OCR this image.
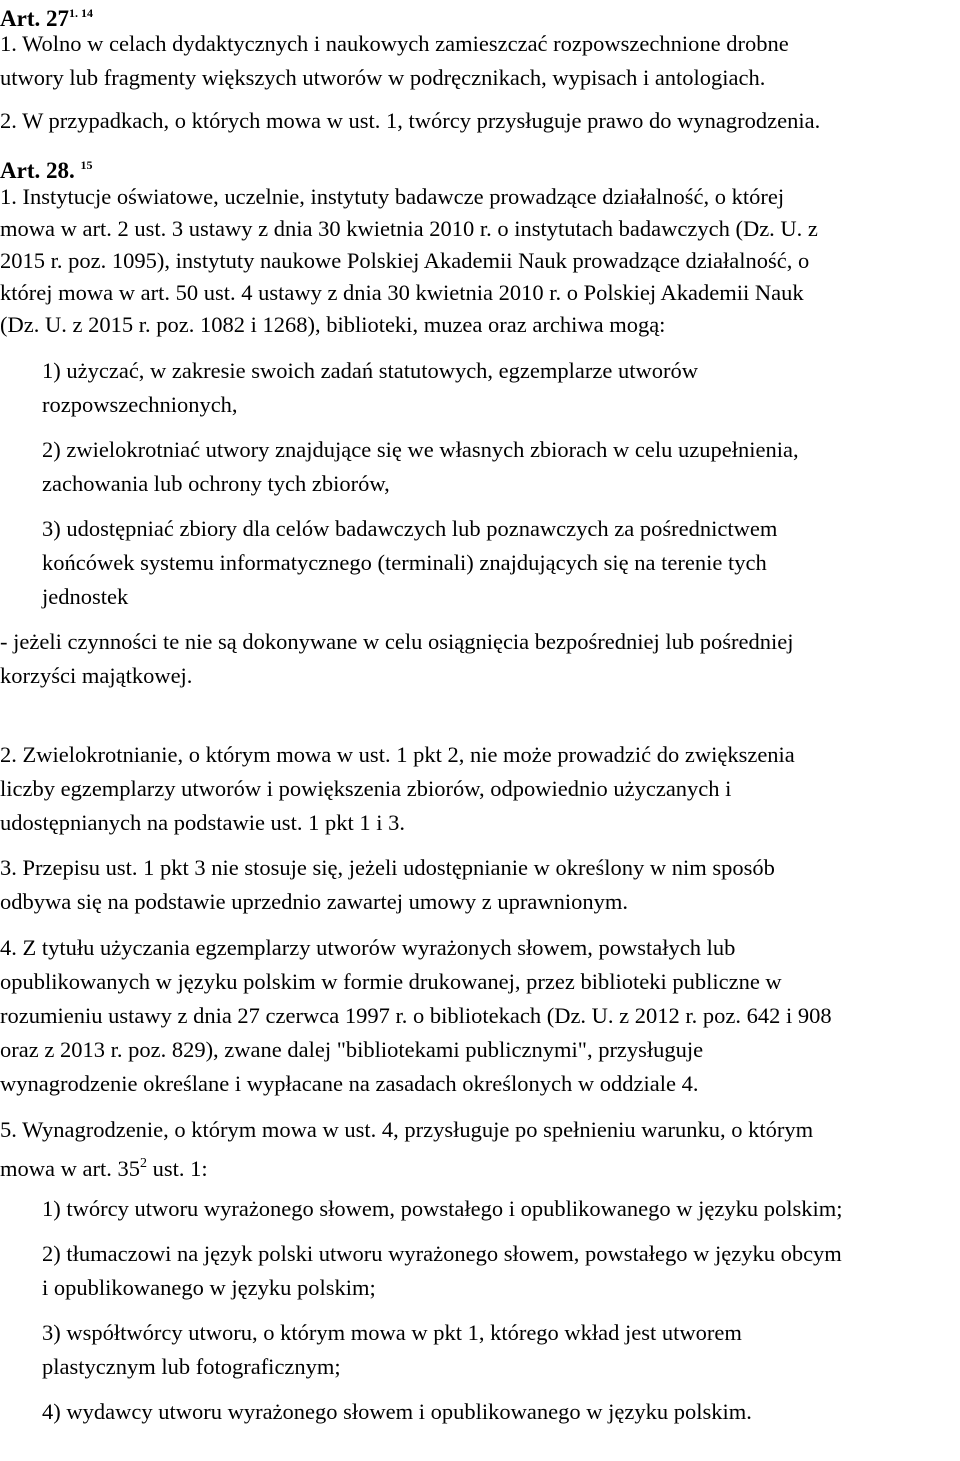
Art. $27^{1. 14}$
1. Wolno w celach dydaktycznych i naukowych zamieszczać rozpowszechnione drobne
utwory lub fragmenty większych utworów w podręcznikach, wypisach i antologiach.
2. W przypadkach, o których mowa w ust. 1, twórcy przysługuje prawo do wynagrodzenia.
Art. 28. $^{15}$
1. Instytucje oświatowe, uczelnie, instytuty badawcze prowadzące działalność, o której
mowa w art. 2 ust. 3 ustawy z dnia 30 kwietnia 2010 r. o instytutach badawczych (Dz. U. z
2015 r. poz. 1095), instytuty naukowe Polskiej Akademii Nauk prowadzące działalność, o
której mowa w art. 50 ust. 4 ustawy z dnia 30 kwietnia 2010 r. o Polskiej Akademii Nauk
(Dz. U. z 2015 r. poz. 1082 i 1268), biblioteki, muzea oraz archiwa mogą:
1) użyczać, w zakresie swoich zadań statutowych, egzemplarze utworów
rozpowszechnionych,
2) zwielokrotniać utwory znajdujące się we własnych zbiorach w celu uzupełnienia,
zachowania lub ochrony tych zbiorów,
3) udostępniać zbiory dla celów badawczych lub poznawczych za pośrednictwem
końcówek systemu informatycznego (terminali) znajdujących się na terenie tych
jednostek
- jeżeli czynności te nie są dokonywane w celu osiągnięcia bezpośredniej lub pośredniej
korzyści majątkowej.
2. Zwielokrotnianie, o którym mowa w ust. 1 pkt 2, nie może prowadzić do zwiększenia
liczby egzemplarzy utworów i powiększenia zbiorów, odpowiednio użyczanych i
udostępnianych na podstawie ust. 1 pkt 1 i 3.
3. Przepisu ust. 1 pkt 3 nie stosuje się, jeżeli udostępnianie w określony w nim sposób
odbywa się na podstawie uprzednio zawartej umowy z uprawnionym.
4. Z tytułu użyczania egzemplarzy utworów wyrażonych słowem, powstałych lub
opublikowanych w języku polskim w formie drukowanej, przez biblioteki publiczne w
rozumieniu ustawy z dnia 27 czerwca 1997 r. o bibliotekach (Dz. U. z 2012 r. poz. 642 i 908
oraz z 2013 r. poz. 829), zwane dalej "bibliotekami publicznymi", przysługuje
wynagrodzenie określane i wypłacane na zasadach określonych w oddziale 4.
5. Wynagrodzenie, o którym mowa w ust. 4, przysługuje po spełnieniu warunku, o którym
mowa w art. $35^2$ ust. 1:
1) twórcy utworu wyrażonego słowem, powstałego i opublikowanego w języku polskim;
2) tłumaczowi na język polski utworu wyrażonego słowem, powstałego w języku obcym
i opublikowanego w języku polskim;
3) współtwórcy utworu, o którym mowa w pkt 1, którego wkład jest utworem
plastycznym lub fotograficznym;
4) wydawcy utworu wyrażonego słowem i opublikowanego w języku polskim.
